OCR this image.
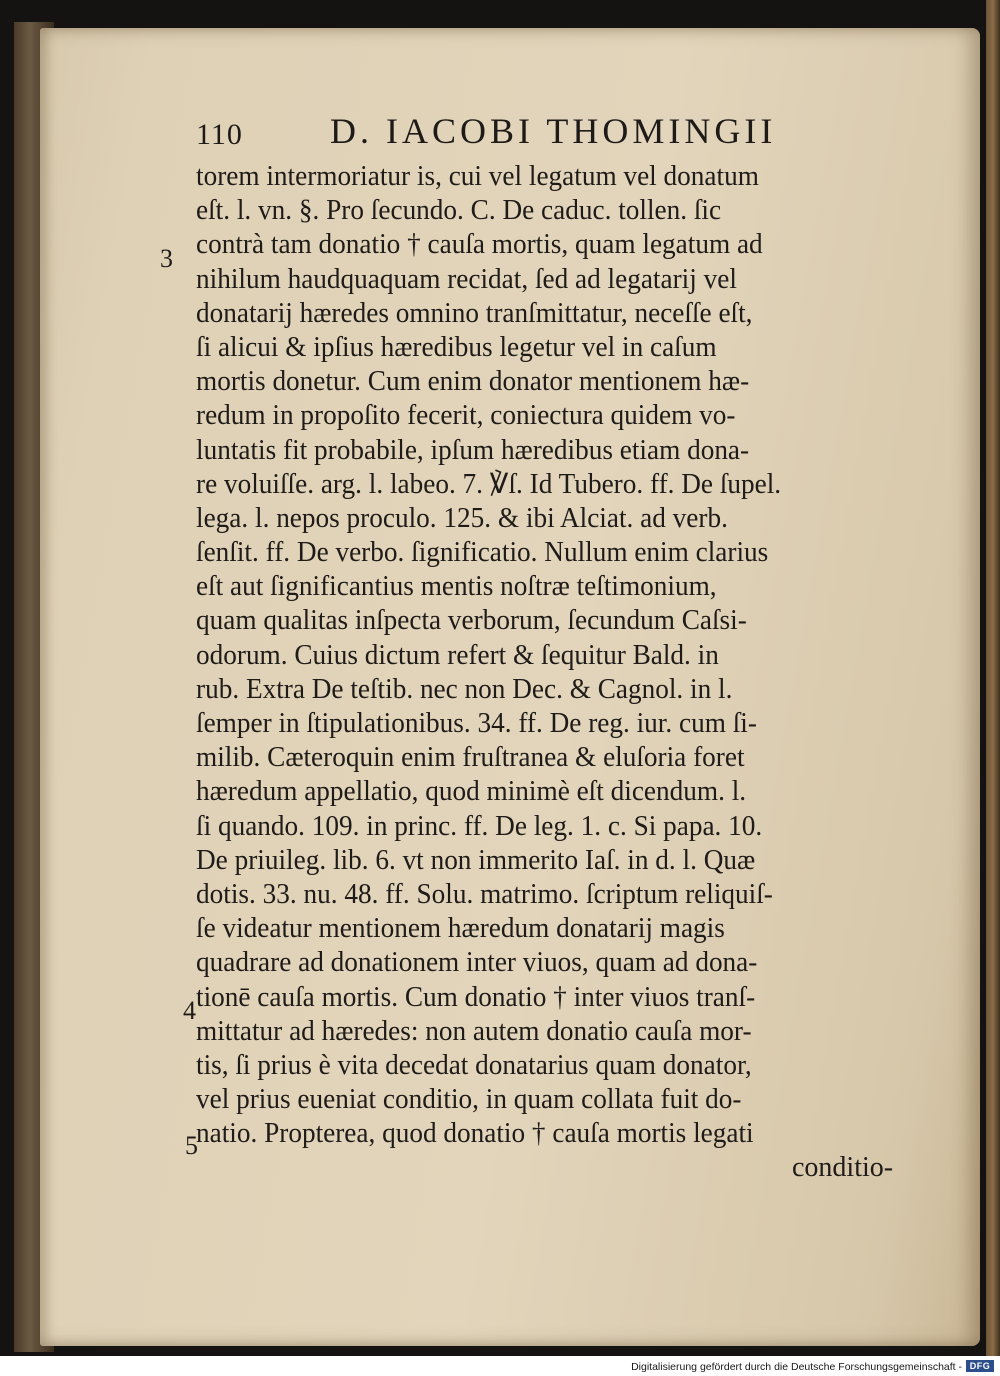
110 D. IACOBI THOMINGII
3
4
5
torem intermoriatur is, cui vel legatum vel donatum
eſt. l. vn. §. Pro ſecundo. C. De caduc. tollen. ſic
contrà tam donatio † cauſa mortis, quam legatum ad
nihilum haudquaquam recidat, ſed ad legatarij vel
donatarij hæredes omnino tranſmittatur, neceſſe eſt,
ſi alicui & ipſius hæredibus legetur vel in caſum
mortis donetur. Cum enim donator mentionem hæ-
redum in propoſito fecerit, coniectura quidem vo-
luntatis fit probabile, ipſum hæredibus etiam dona-
re voluiſſe. arg. l. labeo. 7. ℣ſ. Id Tubero. ff. De ſupel.
lega. l. nepos proculo. 125. & ibi Alciat. ad verb.
ſenſit. ff. De verbo. ſignificatio. Nullum enim clarius
eſt aut ſignificantius mentis noſtræ teſtimonium,
quam qualitas inſpecta verborum, ſecundum Caſsi-
odorum. Cuius dictum refert & ſequitur Bald. in
rub. Extra De teſtib. nec non Dec. & Cagnol. in l.
ſemper in ſtipulationibus. 34. ff. De reg. iur. cum ſi-
milib. Cæteroquin enim fruſtranea & eluſoria foret
hæredum appellatio, quod minimè eſt dicendum. l.
ſi quando. 109. in princ. ff. De leg. 1. c. Si papa. 10.
De priuileg. lib. 6. vt non immerito Iaſ. in d. l. Quæ
dotis. 33. nu. 48. ff. Solu. matrimo. ſcriptum reliquiſ-
ſe videatur mentionem hæredum donatarij magis
quadrare ad donationem inter viuos, quam ad dona-
tionē cauſa mortis. Cum donatio † inter viuos tranſ-
mittatur ad hæredes: non autem donatio cauſa mor-
tis, ſi prius è vita decedat donatarius quam donator,
vel prius eueniat conditio, in quam collata fuit do-
natio. Propterea, quod donatio † cauſa mortis legati
conditio-
Digitalisierung gefördert durch die Deutsche Forschungsgemeinschaft - DFG
